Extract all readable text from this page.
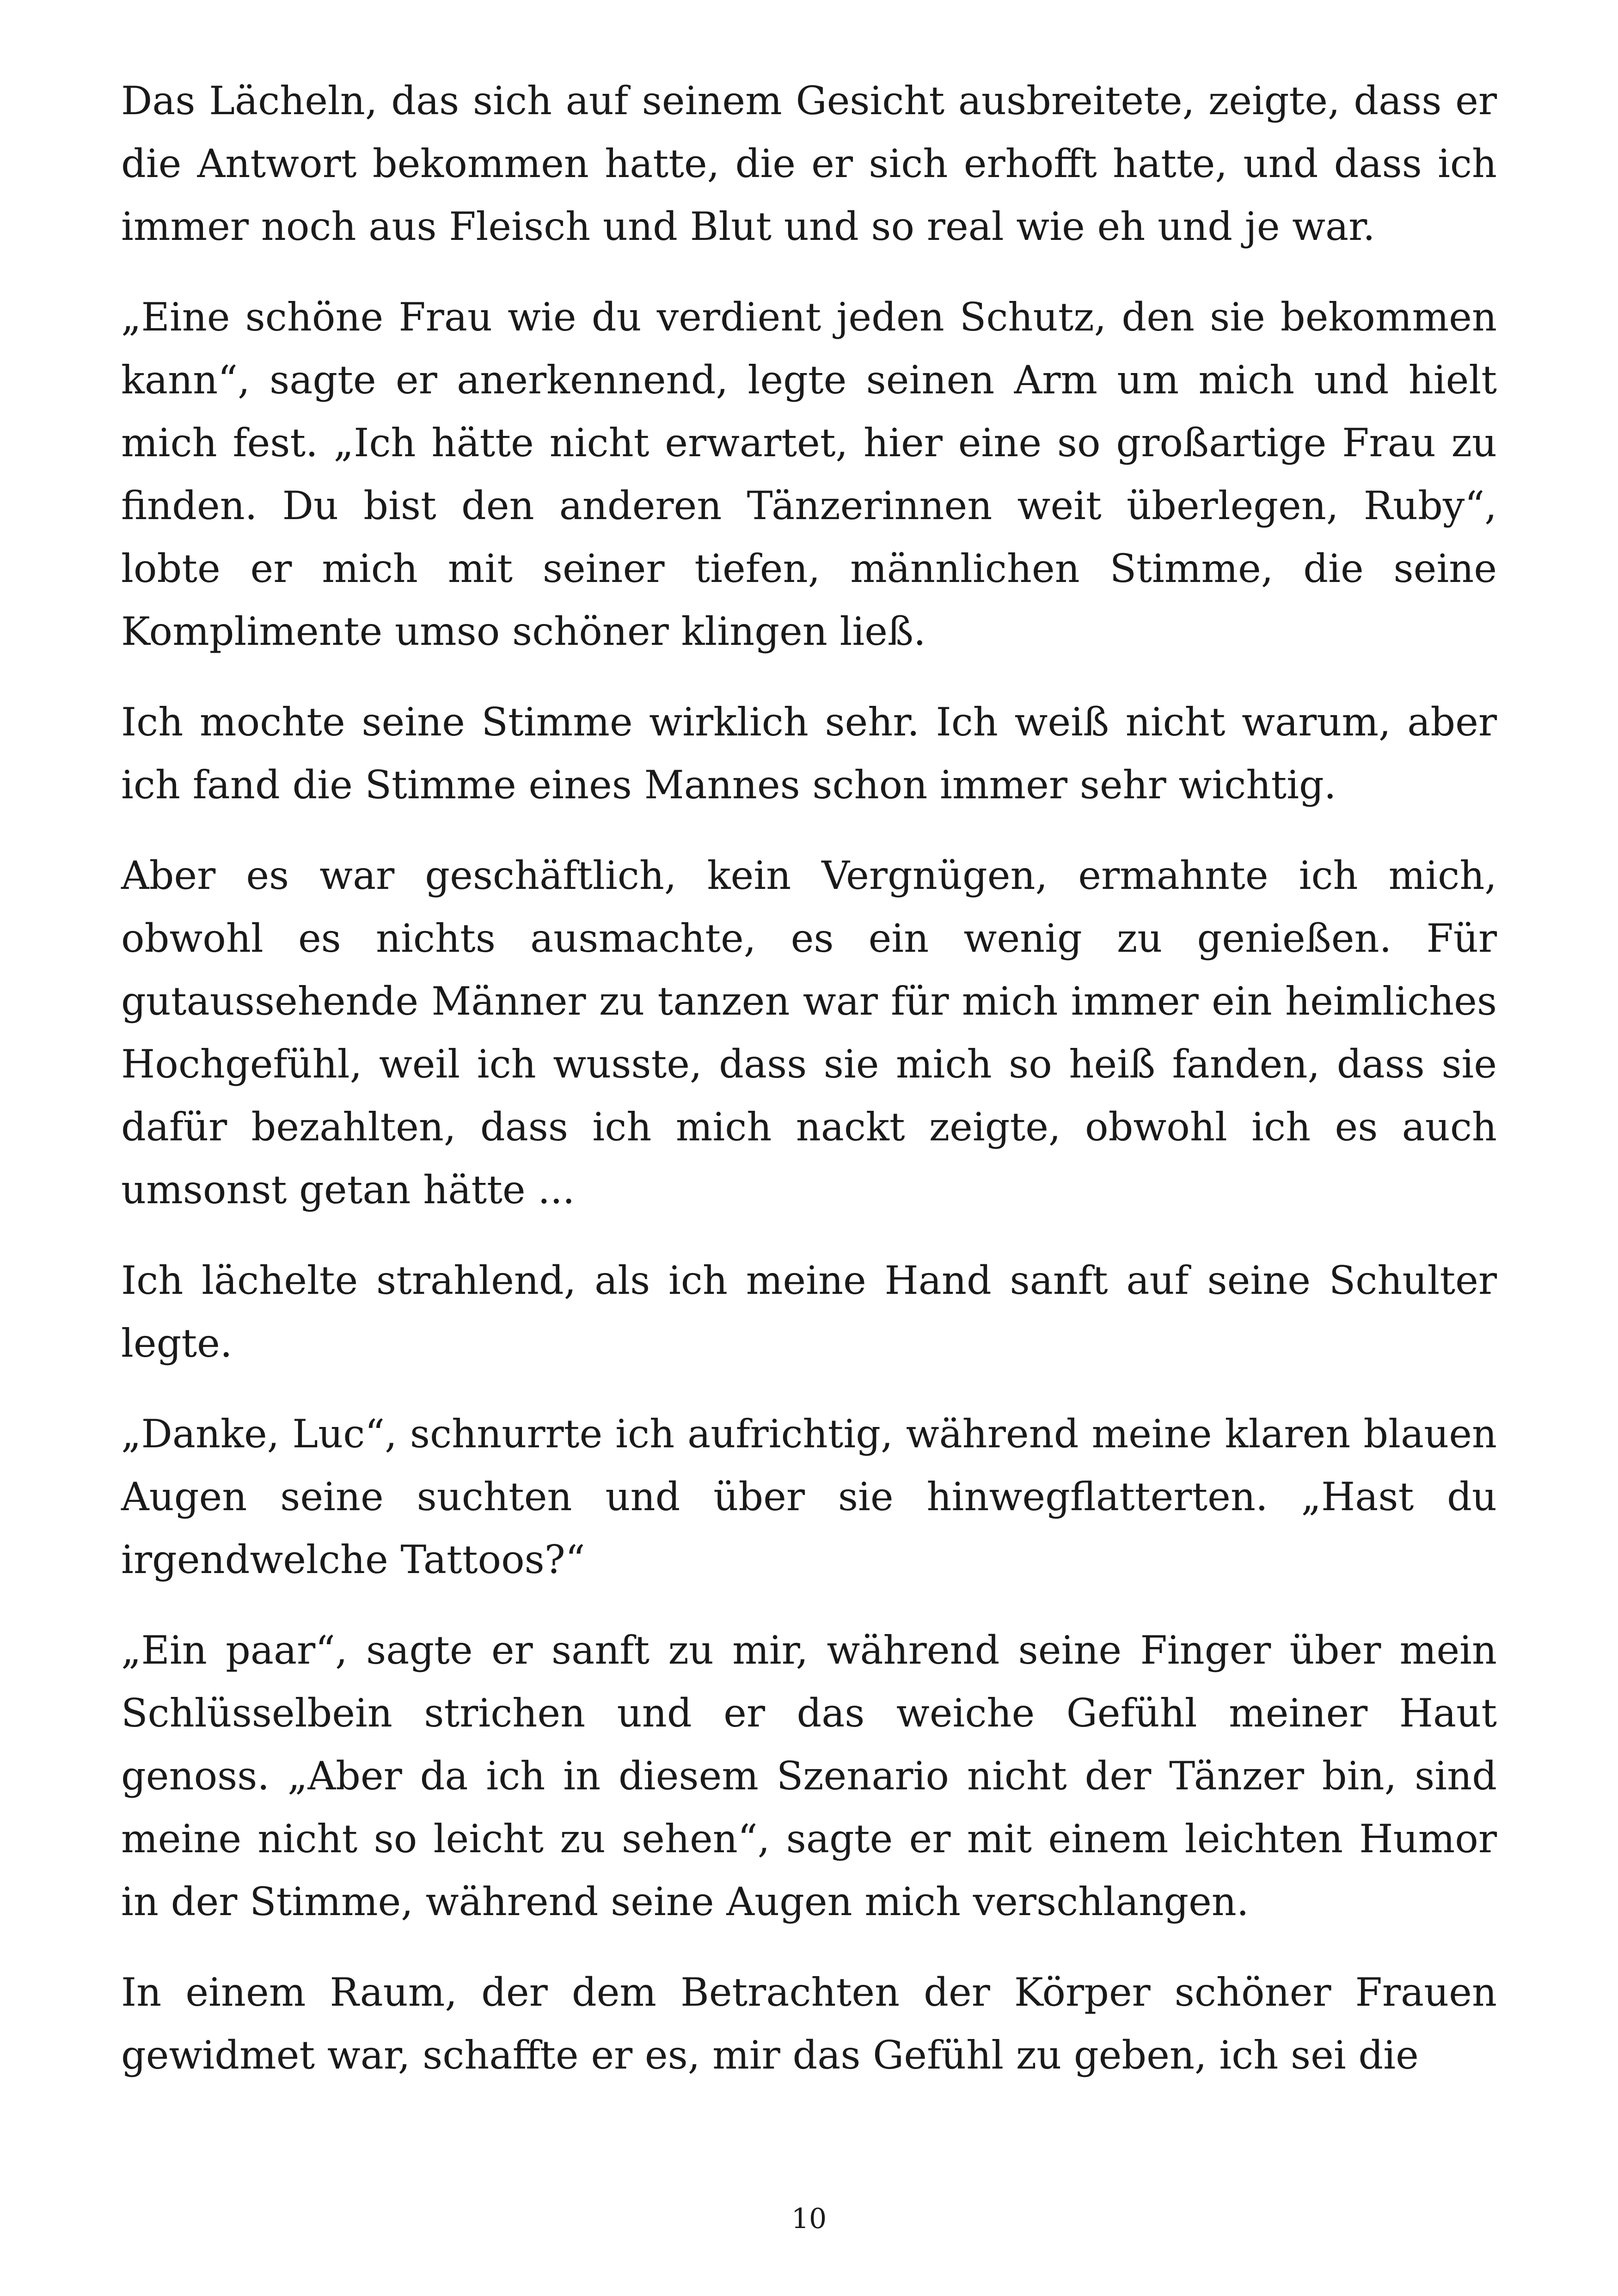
Das Lächeln, das sich auf seinem Gesicht ausbreitete, zeigte, dass er die Antwort bekommen hatte, die er sich erhofft hatte, und dass ich immer noch aus Fleisch und Blut und so real wie eh und je war.

„Eine schöne Frau wie du verdient jeden Schutz, den sie bekommen kann“, sagte er anerkennend, legte seinen Arm um mich und hielt mich fest. „Ich hätte nicht erwartet, hier eine so großartige Frau zu finden. Du bist den anderen Tänzerinnen weit überlegen, Ruby“, lobte er mich mit seiner tiefen, männlichen Stimme, die seine Komplimente umso schöner klingen ließ.

Ich mochte seine Stimme wirklich sehr. Ich weiß nicht warum, aber ich fand die Stimme eines Mannes schon immer sehr wichtig.

Aber es war geschäftlich, kein Vergnügen, ermahnte ich mich, obwohl es nichts ausmachte, es ein wenig zu genießen. Für gutaussehende Männer zu tanzen war für mich immer ein heimliches Hochgefühl, weil ich wusste, dass sie mich so heiß fanden, dass sie dafür bezahlten, dass ich mich nackt zeigte, obwohl ich es auch umsonst getan hätte ...

Ich lächelte strahlend, als ich meine Hand sanft auf seine Schulter legte.

„Danke, Luc“, schnurrte ich aufrichtig, während meine klaren blauen Augen seine suchten und über sie hinwegflatterten. „Hast du irgendwelche Tattoos?“

„Ein paar“, sagte er sanft zu mir, während seine Finger über mein Schlüsselbein strichen und er das weiche Gefühl meiner Haut genoss. „Aber da ich in diesem Szenario nicht der Tänzer bin, sind meine nicht so leicht zu sehen“, sagte er mit einem leichten Humor in der Stimme, während seine Augen mich verschlangen.

In einem Raum, der dem Betrachten der Körper schöner Frauen gewidmet war, schaffte er es, mir das Gefühl zu geben, ich sei die

10
